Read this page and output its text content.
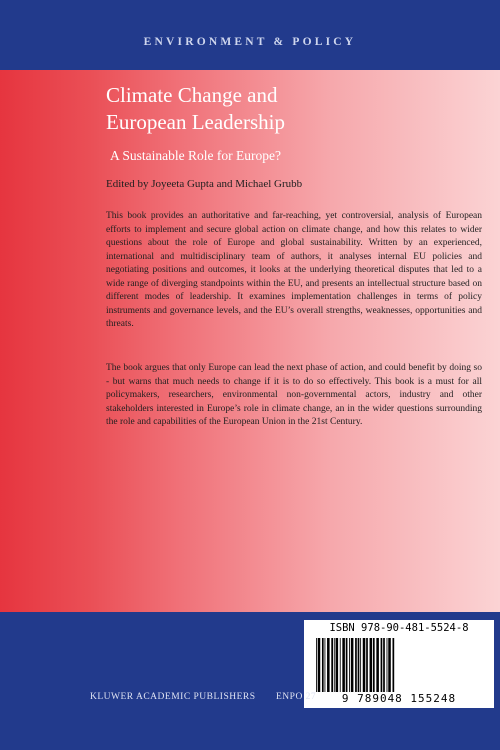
ENVIRONMENT & POLICY
Climate Change and
European Leadership
A Sustainable Role for Europe?
Edited by Joyeeta Gupta and Michael Grubb
This book provides an authoritative and far-reaching, yet controversial, analysis of European efforts to implement and secure global action on climate change, and how this relates to wider questions about the role of Europe and global sustainability. Written by an experienced, international and multidisciplinary team of authors, it analyses internal EU policies and negotiating positions and outcomes, it looks at the underlying theoretical disputes that led to a wide range of diverging standpoints within the EU, and presents an intellectual structure based on different modes of leadership. It examines implementation challenges in terms of policy instruments and governance levels, and the EU’s overall strengths, weaknesses, opportunities and threats.
The book argues that only Europe can lead the next phase of action, and could benefit by doing so - but warns that much needs to change if it is to do so effectively. This book is a must for all policymakers, researchers, environmental non-governmental actors, industry and other stakeholders interested in Europe’s role in climate change, an in the wider questions surrounding the role and capabilities of the European Union in the 21st Century.
ISBN 978-90-481-5524-8
9 789048 155248
KLUWER ACADEMIC PUBLISHERS ENPO 27
